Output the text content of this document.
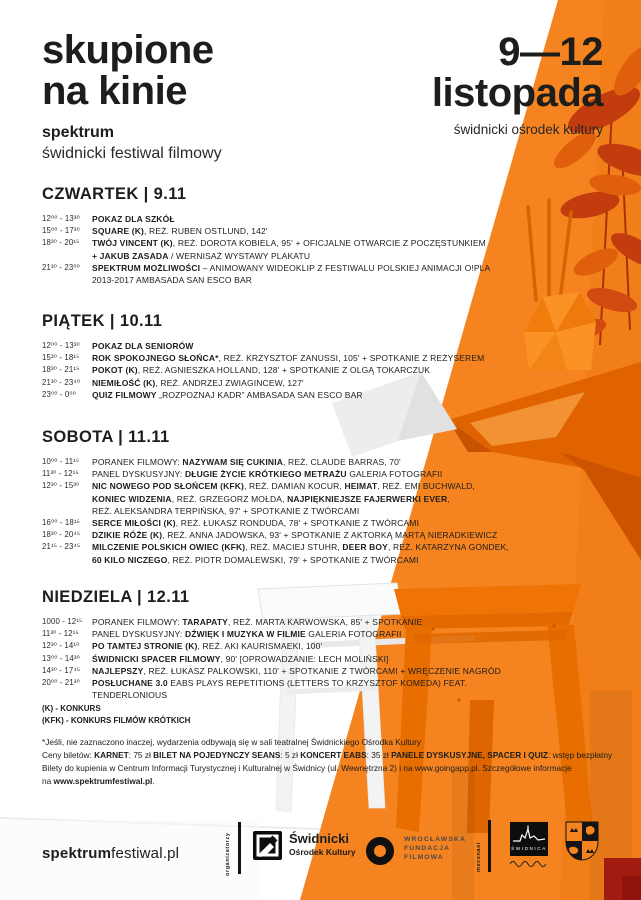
skupione
na kinie
spektrum
świdnicki festiwal filmowy
9—12
listopada
świdnicki ośrodek kultury
CZWARTEK | 9.11
12⁰⁰ - 13³⁰	POKAZ DLA SZKÓŁ
15⁰⁰ - 17³⁰	SQUARE (K), REŻ. RUBEN OSTLUND, 142'
18³⁰ - 20¹⁵	TWÓJ VINCENT (K), REŻ. DOROTA KOBIELA, 95' + OFICJALNE OTWARCIE Z POCZĘSTUNKIEM
+ JAKUB ZASADA / WERNISAŻ WYSTAWY PLAKATU
21³⁰ - 23⁰⁰	SPEKTRUM MOŻLIWOŚCI – ANIMOWANY WIDEOKLIP Z FESTIWALU POLSKIEJ ANIMACJI O!PLA
2013-2017 AMBASADA SAN ESCO BAR
PIĄTEK | 10.11
12⁰⁰ - 13³⁰	POKAZ DLA SENIORÓW
15³⁰ - 18¹⁵	ROK SPOKOJNEGO SŁOŃCA*, REŻ. KRZYSZTOF ZANUSSI, 105' + SPOTKANIE Z REŻYSEREM
18³⁰ - 21¹⁵	POKOT (K), REŻ. AGNIESZKA HOLLAND, 128' + SPOTKANIE Z OLGĄ TOKARCZUK
21³⁰ - 23⁴⁰	NIEMIŁOŚĆ (K), REŻ. ANDRZEJ ZWIAGINCEW, 127'
23⁰⁰ - 0⁰⁰	QUIZ FILMOWY „ROZPOZNAJ KADR” AMBASADA SAN ESCO BAR
SOBOTA | 11.11
10⁰⁰ - 11¹⁵	PORANEK FILMOWY: NAZYWAM SIĘ CUKINIA, REŻ. CLAUDE BARRAS, 70'
11³⁰ - 12¹⁵	PANEL DYSKUSYJNY: DŁUGIE ŻYCIE KRÓTKIEGO METRAŻU GALERIA FOTOGRAFII
12³⁰ - 15³⁰	NIC NOWEGO POD SŁOŃCEM (KFK), REŻ. DAMIAN KOCUR, HEIMAT, REŻ. EMI BUCHWALD,
KONIEC WIDZENIA, REŻ. GRZEGORZ MOŁDA, NAJPIĘKNIEJSZE FAJERWERKI EVER,
REŻ. ALEKSANDRA TERPIŃSKA, 97' + SPOTKANIE Z TWÓRCAMI
16⁰⁰ - 18¹⁵	SERCE MIŁOŚCI (K), REŻ. ŁUKASZ RONDUDA, 78' + SPOTKANIE Z TWÓRCAMI
18³⁰ - 20⁴⁵	DZIKIE RÓŻE (K), REŻ. ANNA JADOWSKA, 93' + SPOTKANIE Z AKTORKĄ MARTĄ NIERADKIEWICZ
21¹⁵ - 23⁴⁵	MILCZENIE POLSKICH OWIEC (KFK), REŻ. MACIEJ STUHR, DEER BOY, REŻ. KATARZYNA GONDEK,
60 KILO NICZEGO, REŻ. PIOTR DOMALEWSKI, 79' + SPOTKANIE Z TWÓRCAMI
NIEDZIELA | 12.11
1000 - 12¹⁵	PORANEK FILMOWY: TARAPATY, REŻ. MARTA KARWOWSKA, 85' + SPOTKANIE
11³⁰ - 12¹⁵	PANEL DYSKUSYJNY: DŹWIĘK I MUZYKA W FILMIE GALERIA FOTOGRAFII
12³⁰ - 14¹⁰	PO TAMTEJ STRONIE (K), REŻ. AKI KAURISMAEKI, 100'
13⁰⁰ - 14³⁰	ŚWIDNICKI SPACER FILMOWY, 90' [OPROWADZANIE: LECH MOLIŃSKI]
14³⁰ - 17⁴⁵	NAJLEPSZY, REŻ. ŁUKASZ PALKOWSKI, 110' + SPOTKANIE Z TWÓRCAMI + WRĘCZENIE NAGRÓD
20⁰⁰ - 21³⁰	POSŁUCHANE 3.0 EABS PLAYS REPETITIONS (LETTERS TO KRZYSZTOF KOMEDA) FEAT. TENDERLONIOUS
(K) - KONKURS
(KFK) - KONKURS FILMÓW KRÓTKICH
*Jeśli, nie zaznaczono inaczej, wydarzenia odbywają się w sali teatralnej Świdnickiego Ośrodka Kultury
Ceny biletów: KARNET: 75 zł BILET NA POJEDYNCZY SEANS: 5 zł KONCERT EABS: 35 zł PANELE DYSKUSYJNE, SPACER I QUIZ: wstęp bezpłatny
Bilety do kupienia w Centrum Informacji Turystycznej i Kulturalnej w Świdnicy (ul. Wewnętrzna 2) i na www.goingapp.pl. Szczegółowe informacje
na www.spektrumfestiwal.pl.
spektrumfestiwal.pl	organizatorzy	Świdnicki
Ośrodek Kultury
WROCŁAWSKA
FUNDACJA
FILMOWA	mecenasi	ŚWIDNICA
